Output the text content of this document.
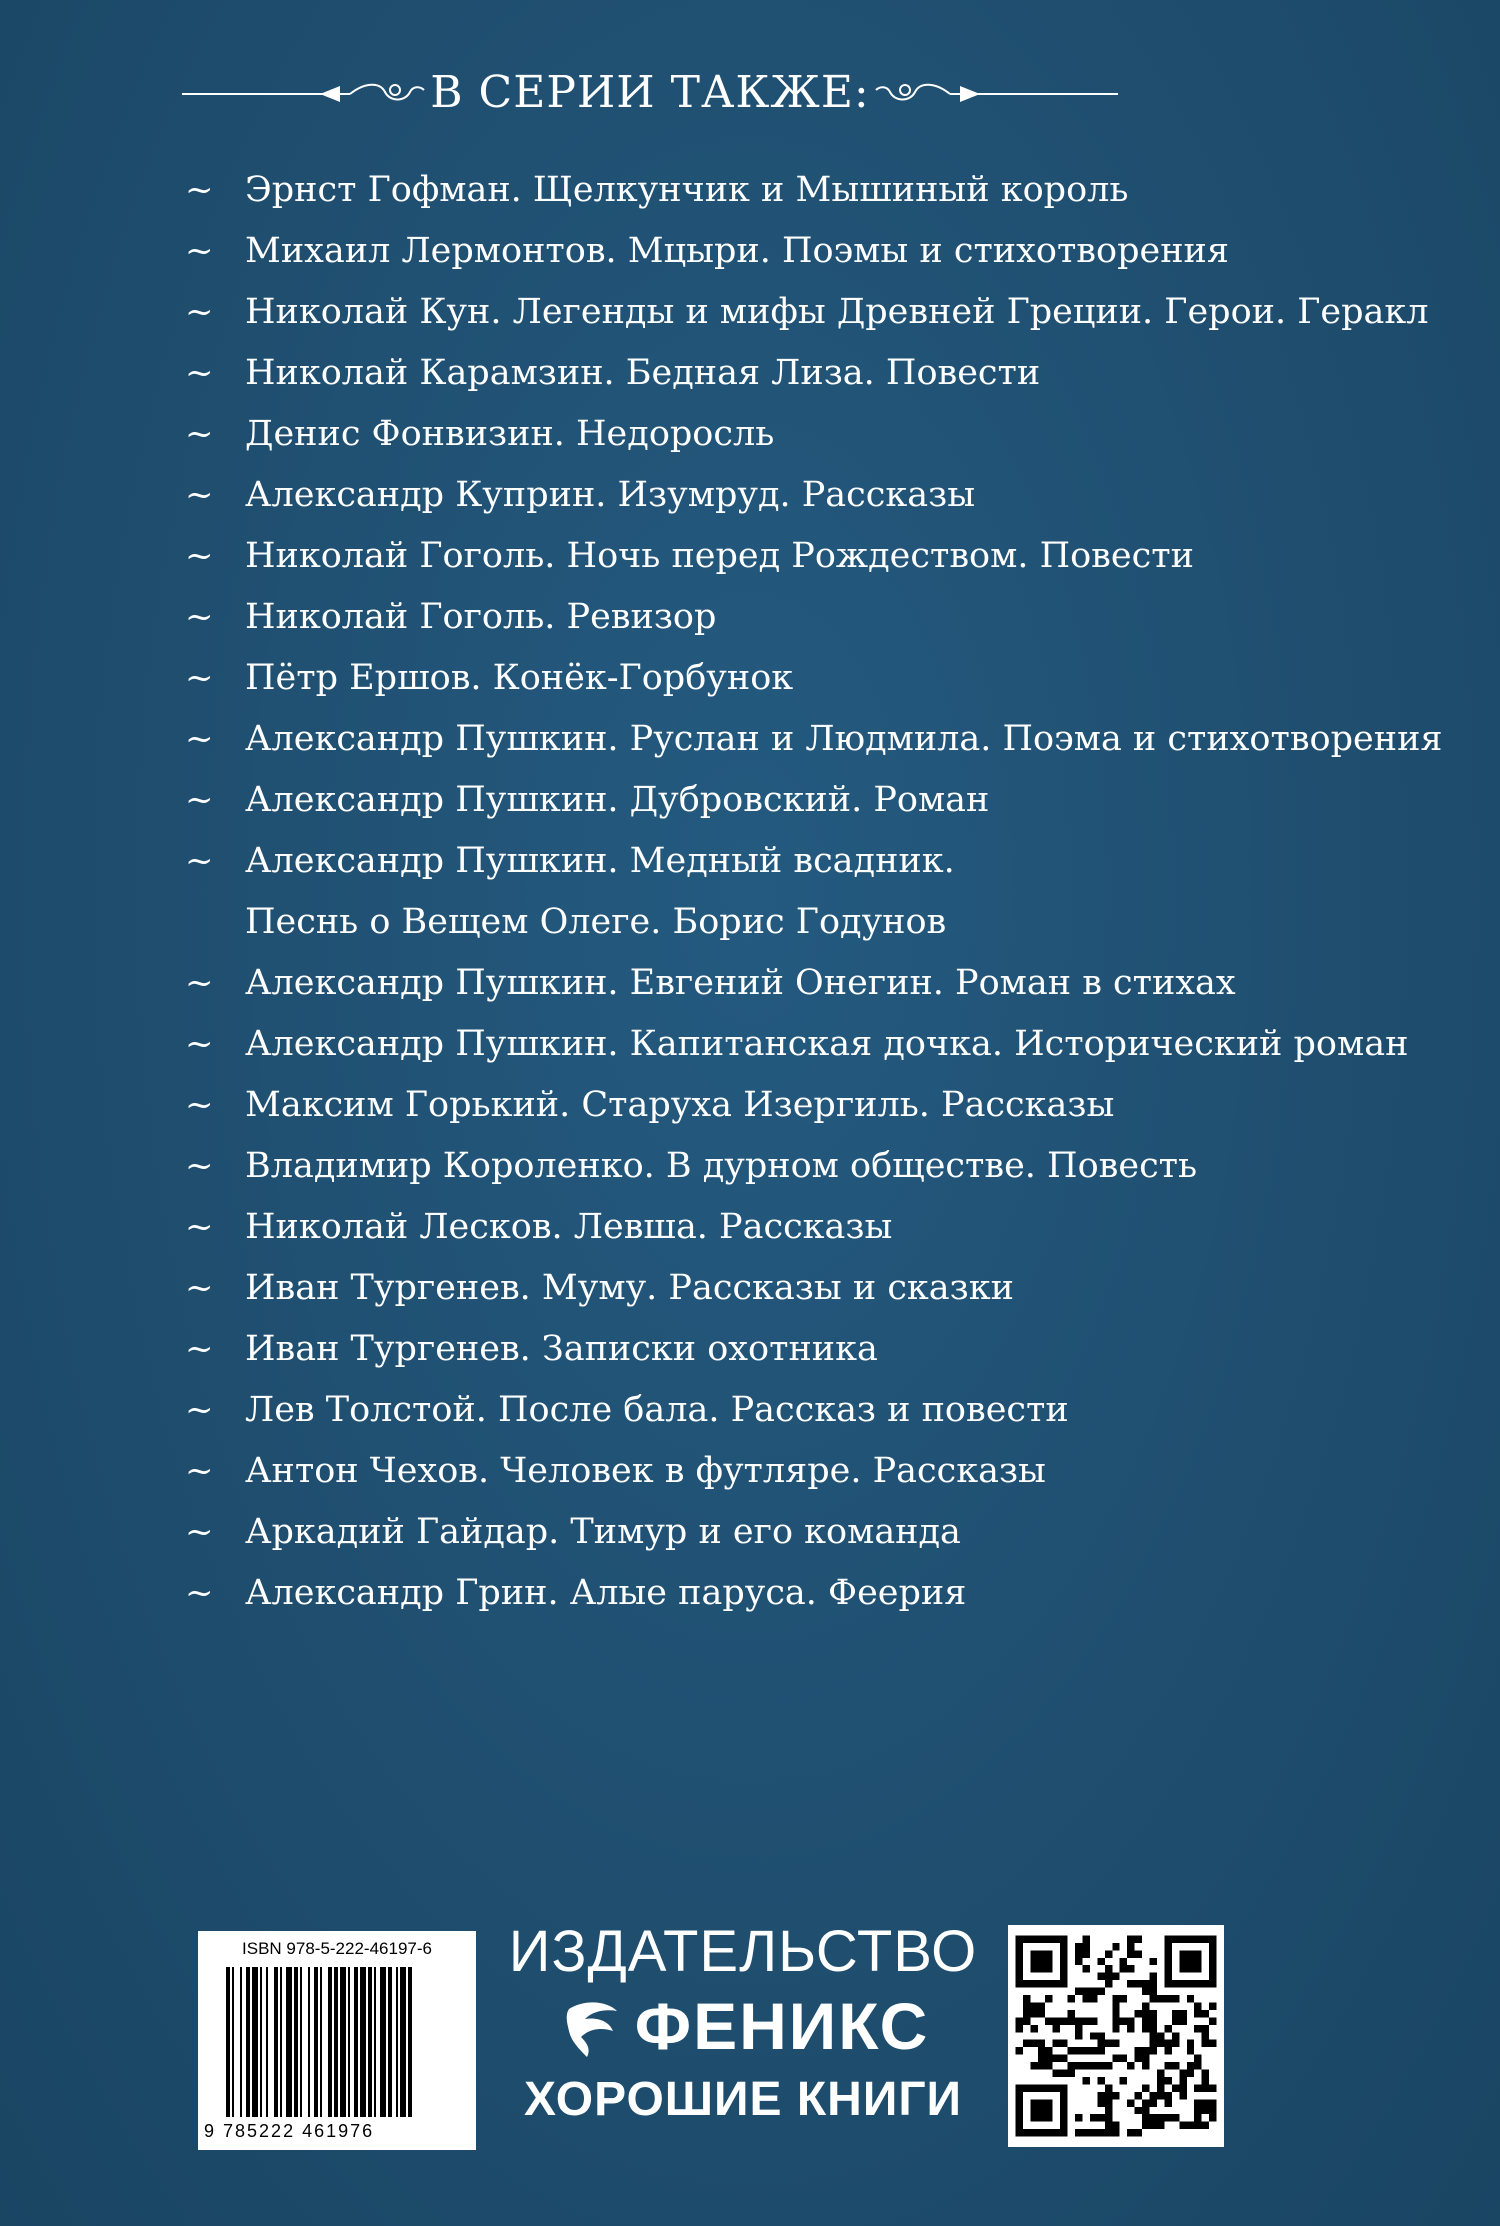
В СЕРИИ ТАКЖЕ:
~ Эрнст Гофман. Щелкунчик и Мышиный король
~ Михаил Лермонтов. Мцыри. Поэмы и стихотворения
~ Николай Кун. Легенды и мифы Древней Греции. Герои. Геракл
~ Николай Карамзин. Бедная Лиза. Повести
~ Денис Фонвизин. Недоросль
~ Александр Куприн. Изумруд. Рассказы
~ Николай Гоголь. Ночь перед Рождеством. Повести
~ Николай Гоголь. Ревизор
~ Пётр Ершов. Конёк-Горбунок
~ Александр Пушкин. Руслан и Людмила. Поэма и стихотворения
~ Александр Пушкин. Дубровский. Роман
~ Александр Пушкин. Медный всадник.
Песнь о Вещем Олеге. Борис Годунов
~ Александр Пушкин. Евгений Онегин. Роман в стихах
~ Александр Пушкин. Капитанская дочка. Исторический роман
~ Максим Горький. Старуха Изергиль. Рассказы
~ Владимир Короленко. В дурном обществе. Повесть
~ Николай Лесков. Левша. Рассказы
~ Иван Тургенев. Муму. Рассказы и сказки
~ Иван Тургенев. Записки охотника
~ Лев Толстой. После бала. Рассказ и повести
~ Антон Чехов. Человек в футляре. Рассказы
~ Аркадий Гайдар. Тимур и его команда
~ Александр Грин. Алые паруса. Феерия
ISBN 978-5-222-46197-6
9 785222 461976
ИЗДАТЕЛЬСТВО
ФЕНИКС
ХОРОШИЕ КНИГИ
